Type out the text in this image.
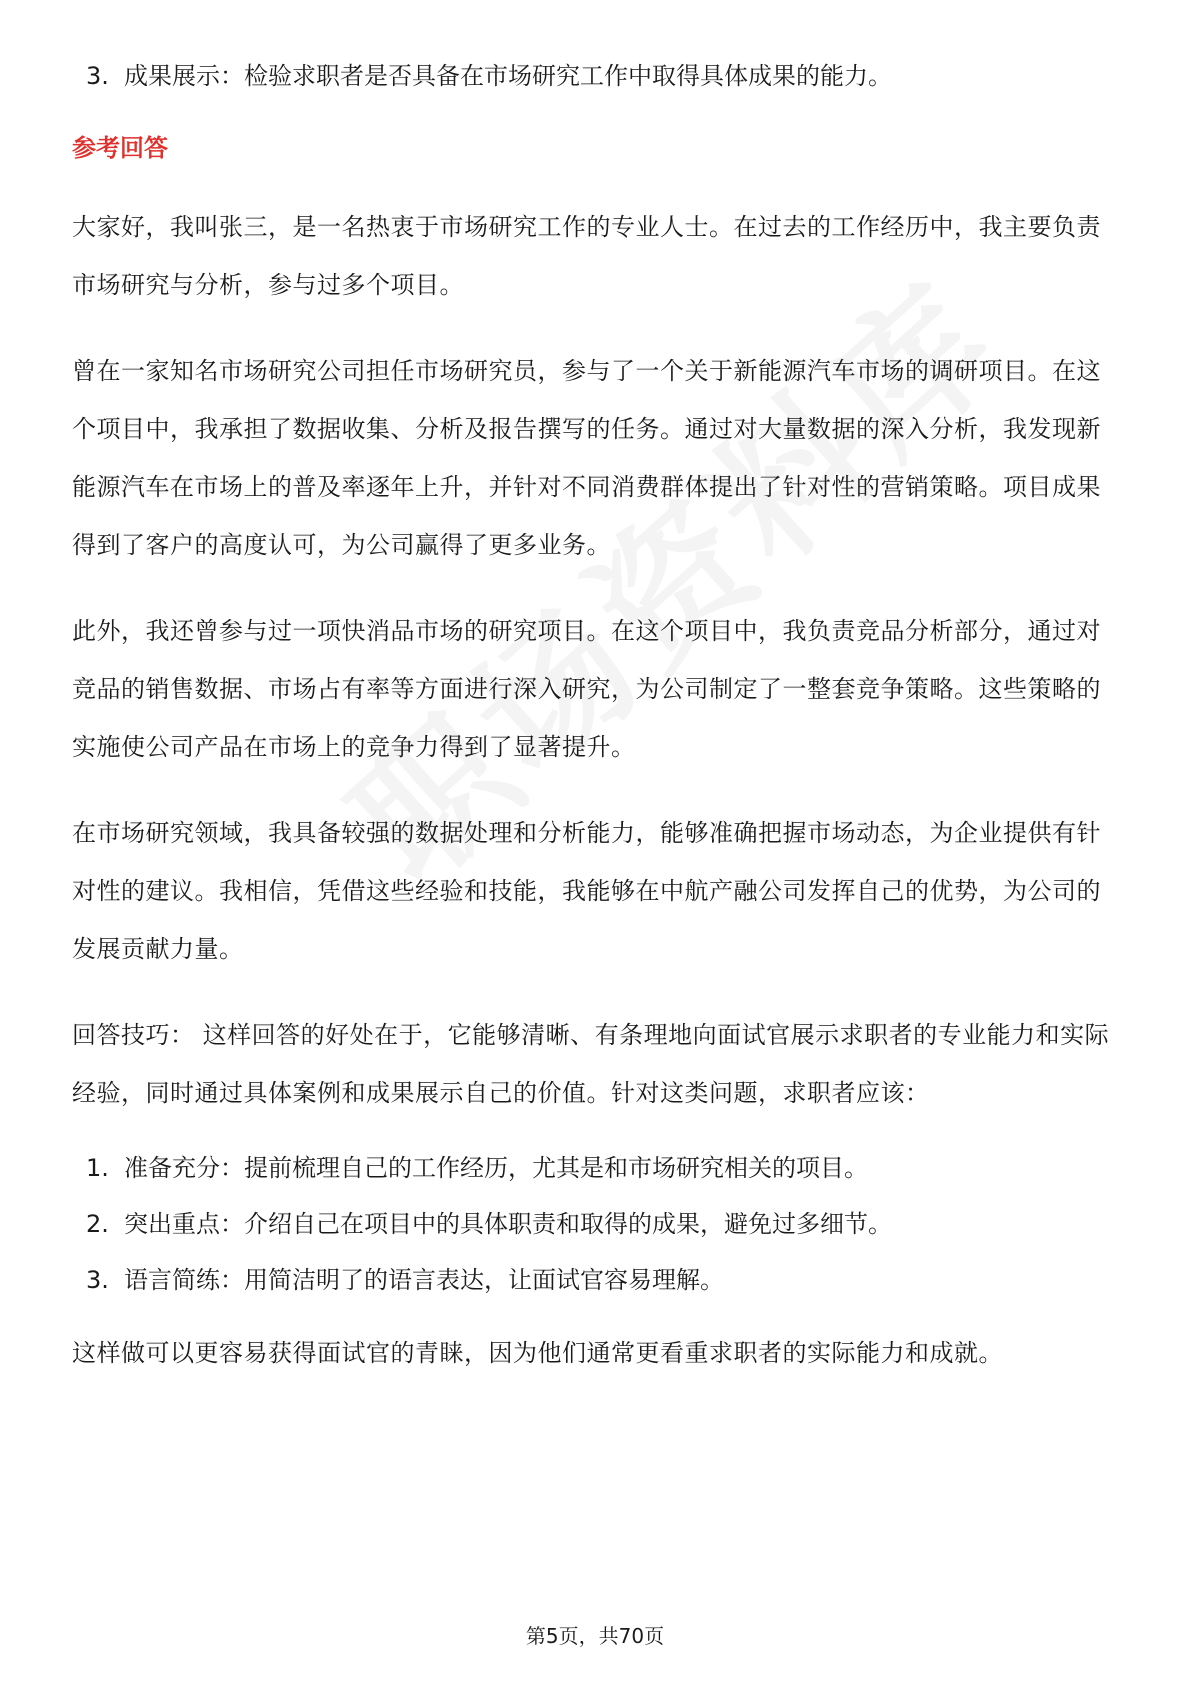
3. 成果展示：检验求职者是否具备在市场研究工作中取得具体成果的能力。
参考回答

大家好，我叫张三，是一名热衷于市场研究工作的专业人士。在过去的工作经历中，我主要负责市场研究与分析，参与过多个项目。

曾在一家知名市场研究公司担任市场研究员，参与了一个关于新能源汽车市场的调研项目。在这个项目中，我承担了数据收集、分析及报告撰写的任务。通过对大量数据的深入分析，我发现新能源汽车在市场上的普及率逐年上升，并针对不同消费群体提出了针对性的营销策略。项目成果得到了客户的高度认可，为公司赢得了更多业务。

此外，我还曾参与过一项快消品市场的研究项目。在这个项目中，我负责竞品分析部分，通过对竞品的销售数据、市场占有率等方面进行深入研究，为公司制定了一整套竞争策略。这些策略的实施使公司产品在市场上的竞争力得到了显著提升。

在市场研究领域，我具备较强的数据处理和分析能力，能够准确把握市场动态，为企业提供有针对性的建议。我相信，凭借这些经验和技能，我能够在中航产融公司发挥自己的优势，为公司的发展贡献力量。

回答技巧： 这样回答的好处在于，它能够清晰、有条理地向面试官展示求职者的专业能力和实际经验，同时通过具体案例和成果展示自己的价值。针对这类问题，求职者应该：

1. 准备充分：提前梳理自己的工作经历，尤其是和市场研究相关的项目。
2. 突出重点：介绍自己在项目中的具体职责和取得的成果，避免过多细节。
3. 语言简练：用简洁明了的语言表达，让面试官容易理解。

这样做可以更容易获得面试官的青睐，因为他们通常更看重求职者的实际能力和成就。

第5页，共70页
